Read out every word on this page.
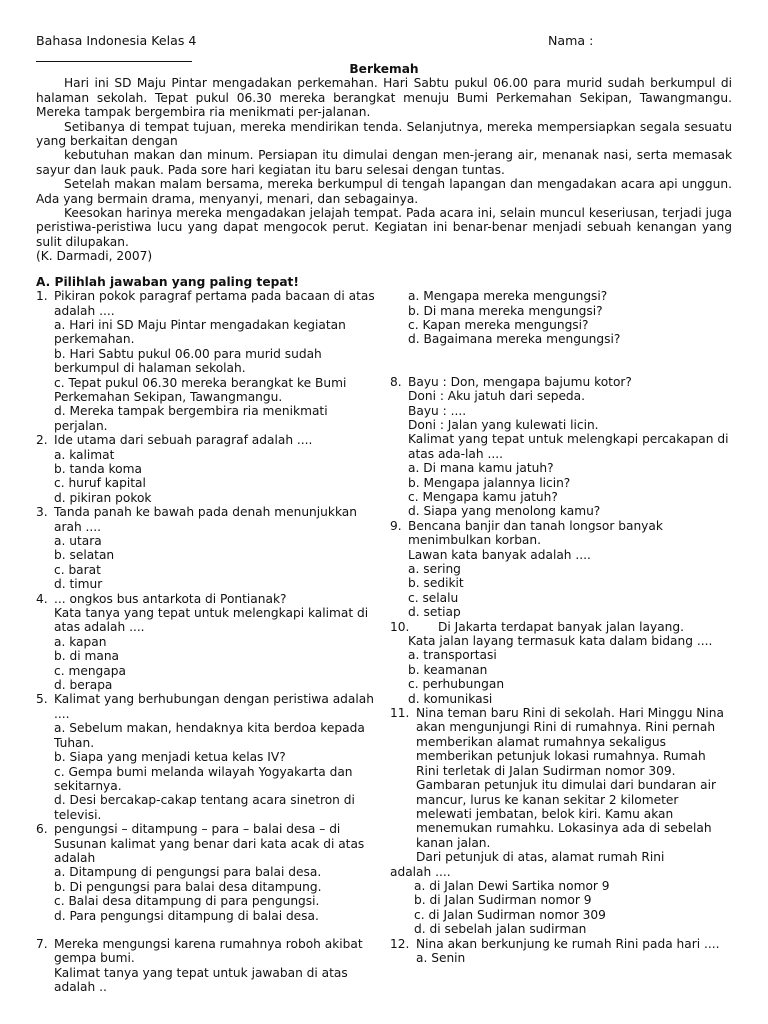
Bahasa Indonesia Kelas 4	Nama :
Berkemah

Hari ini SD Maju Pintar mengadakan perkemahan. Hari Sabtu pukul 06.00 para murid sudah berkumpul di halaman sekolah. Tepat pukul 06.30 mereka berangkat menuju Bumi Perkemahan Sekipan, Tawangmangu. Mereka tampak bergembira ria menikmati per-jalanan.

Setibanya di tempat tujuan, mereka mendirikan tenda. Selanjutnya, mereka mempersiapkan segala sesuatu yang berkaitan dengan

kebutuhan makan dan minum. Persiapan itu dimulai dengan men-jerang air, menanak nasi, serta memasak sayur dan lauk pauk. Pada sore hari kegiatan itu baru selesai dengan tuntas.

Setelah makan malam bersama, mereka berkumpul di tengah lapangan dan mengadakan acara api unggun. Ada yang bermain drama, menyanyi, menari, dan sebagainya.

Keesokan harinya mereka mengadakan jelajah tempat. Pada acara ini, selain muncul keseriusan, terjadi juga peristiwa-peristiwa lucu yang dapat mengocok perut. Kegiatan ini benar-benar menjadi sebuah kenangan yang sulit dilupakan.

(K. Darmadi, 2007)

A. Pilihlah jawaban yang paling tepat!
1. Pikiran pokok paragraf pertama pada bacaan di atas adalah ....
a. Hari ini SD Maju Pintar mengadakan kegiatan perkemahan.
b. Hari Sabtu pukul 06.00 para murid sudah berkumpul di halaman sekolah.
c. Tepat pukul 06.30 mereka berangkat ke Bumi Perkemahan Sekipan, Tawangmangu.
d. Mereka tampak bergembira ria menikmati perjalan.
2. Ide utama dari sebuah paragraf adalah ....
a. kalimat
b. tanda koma
c. huruf kapital
d. pikiran pokok
3. Tanda panah ke bawah pada denah menunjukkan arah ....
a. utara
b. selatan
c. barat
d. timur
4. ... ongkos bus antarkota di Pontianak?
Kata tanya yang tepat untuk melengkapi kalimat di atas adalah ....
a. kapan
b. di mana
c. mengapa
d. berapa
5. Kalimat yang berhubungan dengan peristiwa adalah ....
a. Sebelum makan, hendaknya kita berdoa kepada Tuhan.
b. Siapa yang menjadi ketua kelas IV?
c. Gempa bumi melanda wilayah Yogyakarta dan sekitarnya.
d. Desi bercakap-cakap tentang acara sinetron di televisi.
6. pengungsi – ditampung – para – balai desa – di
Susunan kalimat yang benar dari kata acak di atas adalah
a. Ditampung di pengungsi para balai desa.
b. Di pengungsi para balai desa ditampung.
c. Balai desa ditampung di para pengungsi.
d. Para pengungsi ditampung di balai desa.
7. Mereka mengungsi karena rumahnya roboh akibat gempa bumi.
Kalimat tanya yang tepat untuk jawaban di atas adalah ..
a. Mengapa mereka mengungsi?
b. Di mana mereka mengungsi?
c. Kapan mereka mengungsi?
d. Bagaimana mereka mengungsi?
8. Bayu : Don, mengapa bajumu kotor?
Doni : Aku jatuh dari sepeda.
Bayu : ....
Doni : Jalan yang kulewati licin.
Kalimat yang tepat untuk melengkapi percakapan di atas ada-lah ....
a. Di mana kamu jatuh?
b. Mengapa jalannya licin?
c. Mengapa kamu jatuh?
d. Siapa yang menolong kamu?
9. Bencana banjir dan tanah longsor banyak menimbulkan korban.
Lawan kata banyak adalah ....
a. sering
b. sedikit
c. selalu
d. setiap
10.	Di Jakarta terdapat banyak jalan layang.
Kata jalan layang termasuk kata dalam bidang ....
a. transportasi
b. keamanan
c. perhubungan
d. komunikasi
11. Nina teman baru Rini di sekolah. Hari Minggu Nina akan mengunjungi Rini di rumahnya. Rini pernah memberikan alamat rumahnya sekaligus memberikan petunjuk lokasi rumahnya. Rumah Rini terletak di Jalan Sudirman nomor 309. Gambaran petunjuk itu dimulai dari bundaran air mancur, lurus ke kanan sekitar 2 kilometer melewati jembatan, belok kiri. Kamu akan menemukan rumahku. Lokasinya ada di sebelah kanan jalan.
Dari petunjuk di atas, alamat rumah Rini
adalah ....
a. di Jalan Dewi Sartika nomor 9
b. di Jalan Sudirman nomor 9
c. di Jalan Sudirman nomor 309
d. di sebelah jalan sudirman
12. Nina akan berkunjung ke rumah Rini pada hari ....
a. Senin
